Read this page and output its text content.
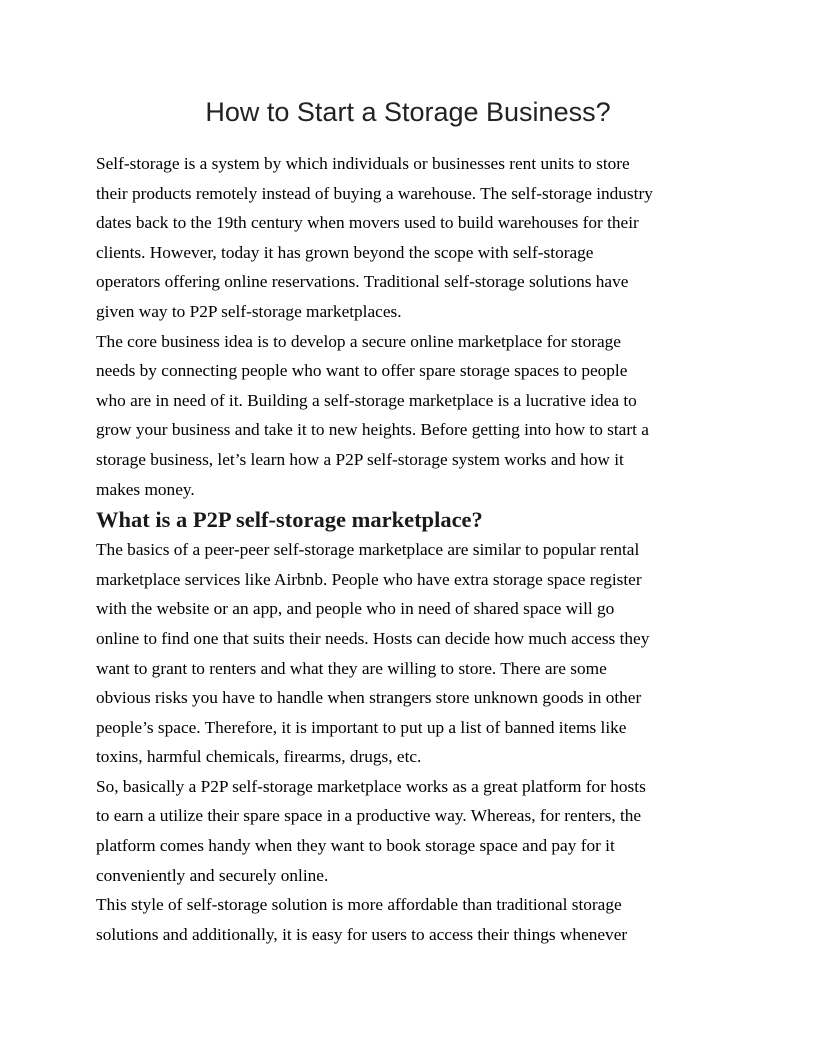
How to Start a Storage Business?

Self-storage is a system by which individuals or businesses rent units to store
their products remotely instead of buying a warehouse. The self-storage industry
dates back to the 19th century when movers used to build warehouses for their
clients. However, today it has grown beyond the scope with self-storage
operators offering online reservations. Traditional self-storage solutions have
given way to P2P self-storage marketplaces.

The core business idea is to develop a secure online marketplace for storage
needs by connecting people who want to offer spare storage spaces to people
who are in need of it. Building a self-storage marketplace is a lucrative idea to
grow your business and take it to new heights. Before getting into how to start a
storage business, let’s learn how a P2P self-storage system works and how it
makes money.

What is a P2P self-storage marketplace?

The basics of a peer-peer self-storage marketplace are similar to popular rental
marketplace services like Airbnb. People who have extra storage space register
with the website or an app, and people who in need of shared space will go
online to find one that suits their needs. Hosts can decide how much access they
want to grant to renters and what they are willing to store. There are some
obvious risks you have to handle when strangers store unknown goods in other
people’s space. Therefore, it is important to put up a list of banned items like
toxins, harmful chemicals, firearms, drugs, etc.

So, basically a P2P self-storage marketplace works as a great platform for hosts
to earn a utilize their spare space in a productive way. Whereas, for renters, the
platform comes handy when they want to book storage space and pay for it
conveniently and securely online.

This style of self-storage solution is more affordable than traditional storage
solutions and additionally, it is easy for users to access their things whenever
